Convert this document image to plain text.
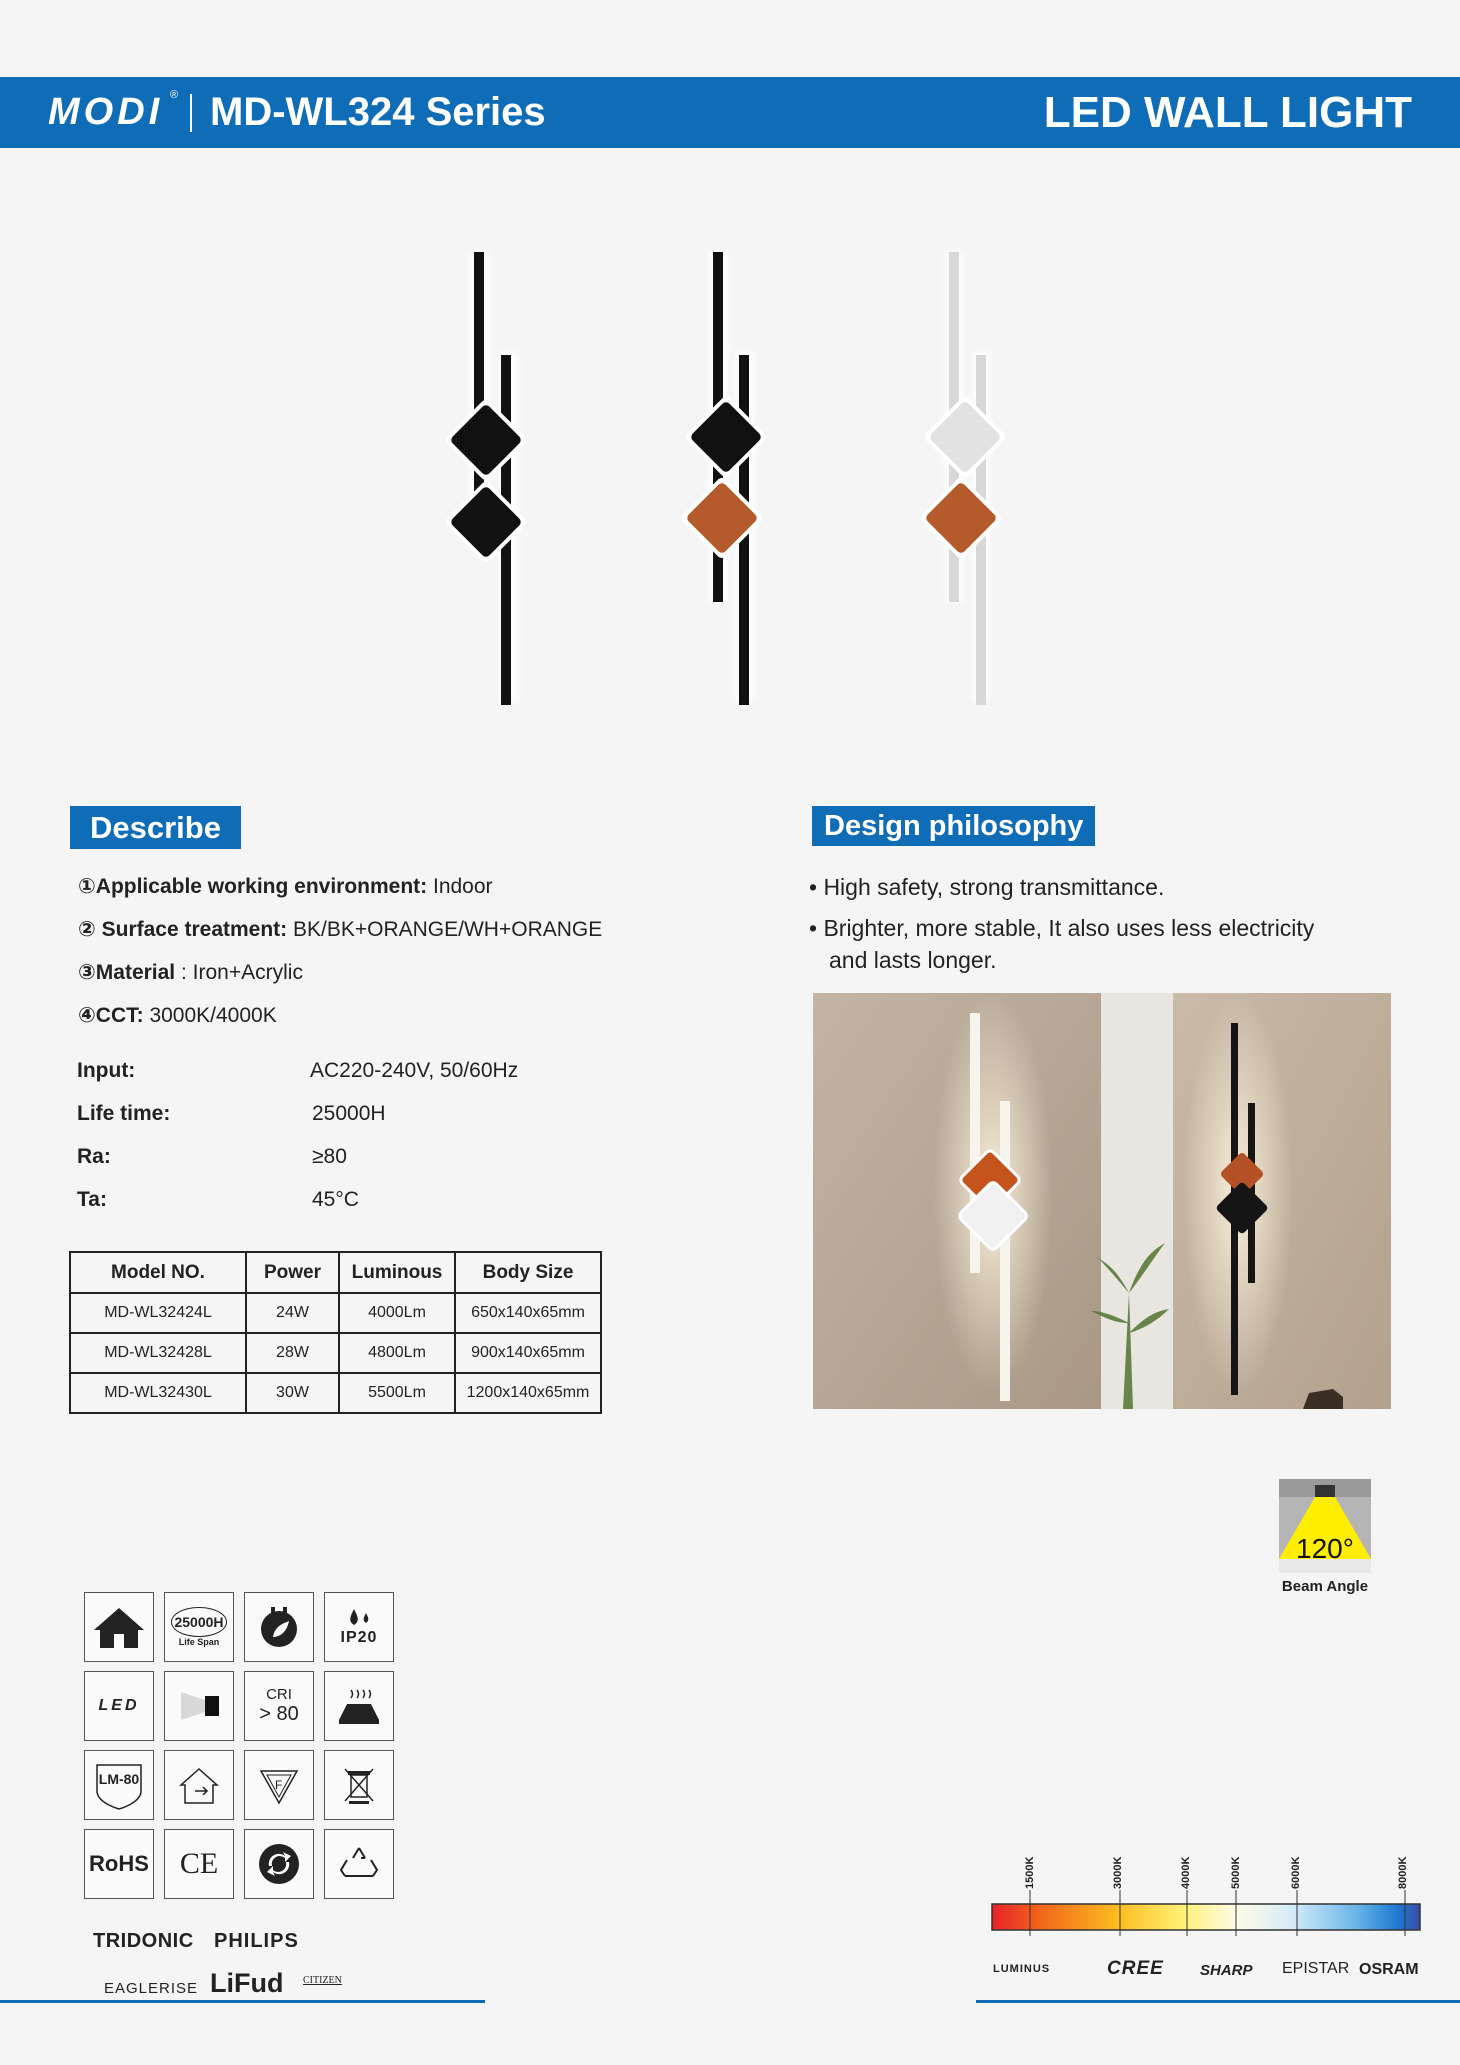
MODI ® MD-WL324 Series	LED WALL LIGHT
Describe
①Applicable working environment: Indoor
② Surface treatment: BK/BK+ORANGE/WH+ORANGE
③Material : Iron+Acrylic
④CCT: 3000K/4000K
Input:	AC220-240V, 50/60Hz
Life time:	25000H
Ra:	≥80
Ta:	45°C
Model NO.	Power	Luminous	Body Size
MD-WL32424L	24W	4000Lm	650x140x65mm
MD-WL32428L	28W	4800Lm	900x140x65mm
MD-WL32430L	30W	5500Lm	1200x140x65mm
Design philosophy
• High safety, strong transmittance.
• Brighter, more stable, It also uses less electricity
and lasts longer.
120°
Beam Angle
25000H
Life Span	IP20
LED
CRI
> 80
LM-80	F
RoHS CE
TRIDONIC PHILIPS
EAGLERISE LiFud CITIZEN
1500K	3000K	4000K	5000K	6000K	8000K
LUMINUS	CREE SHARP EPISTAR OSRAM
